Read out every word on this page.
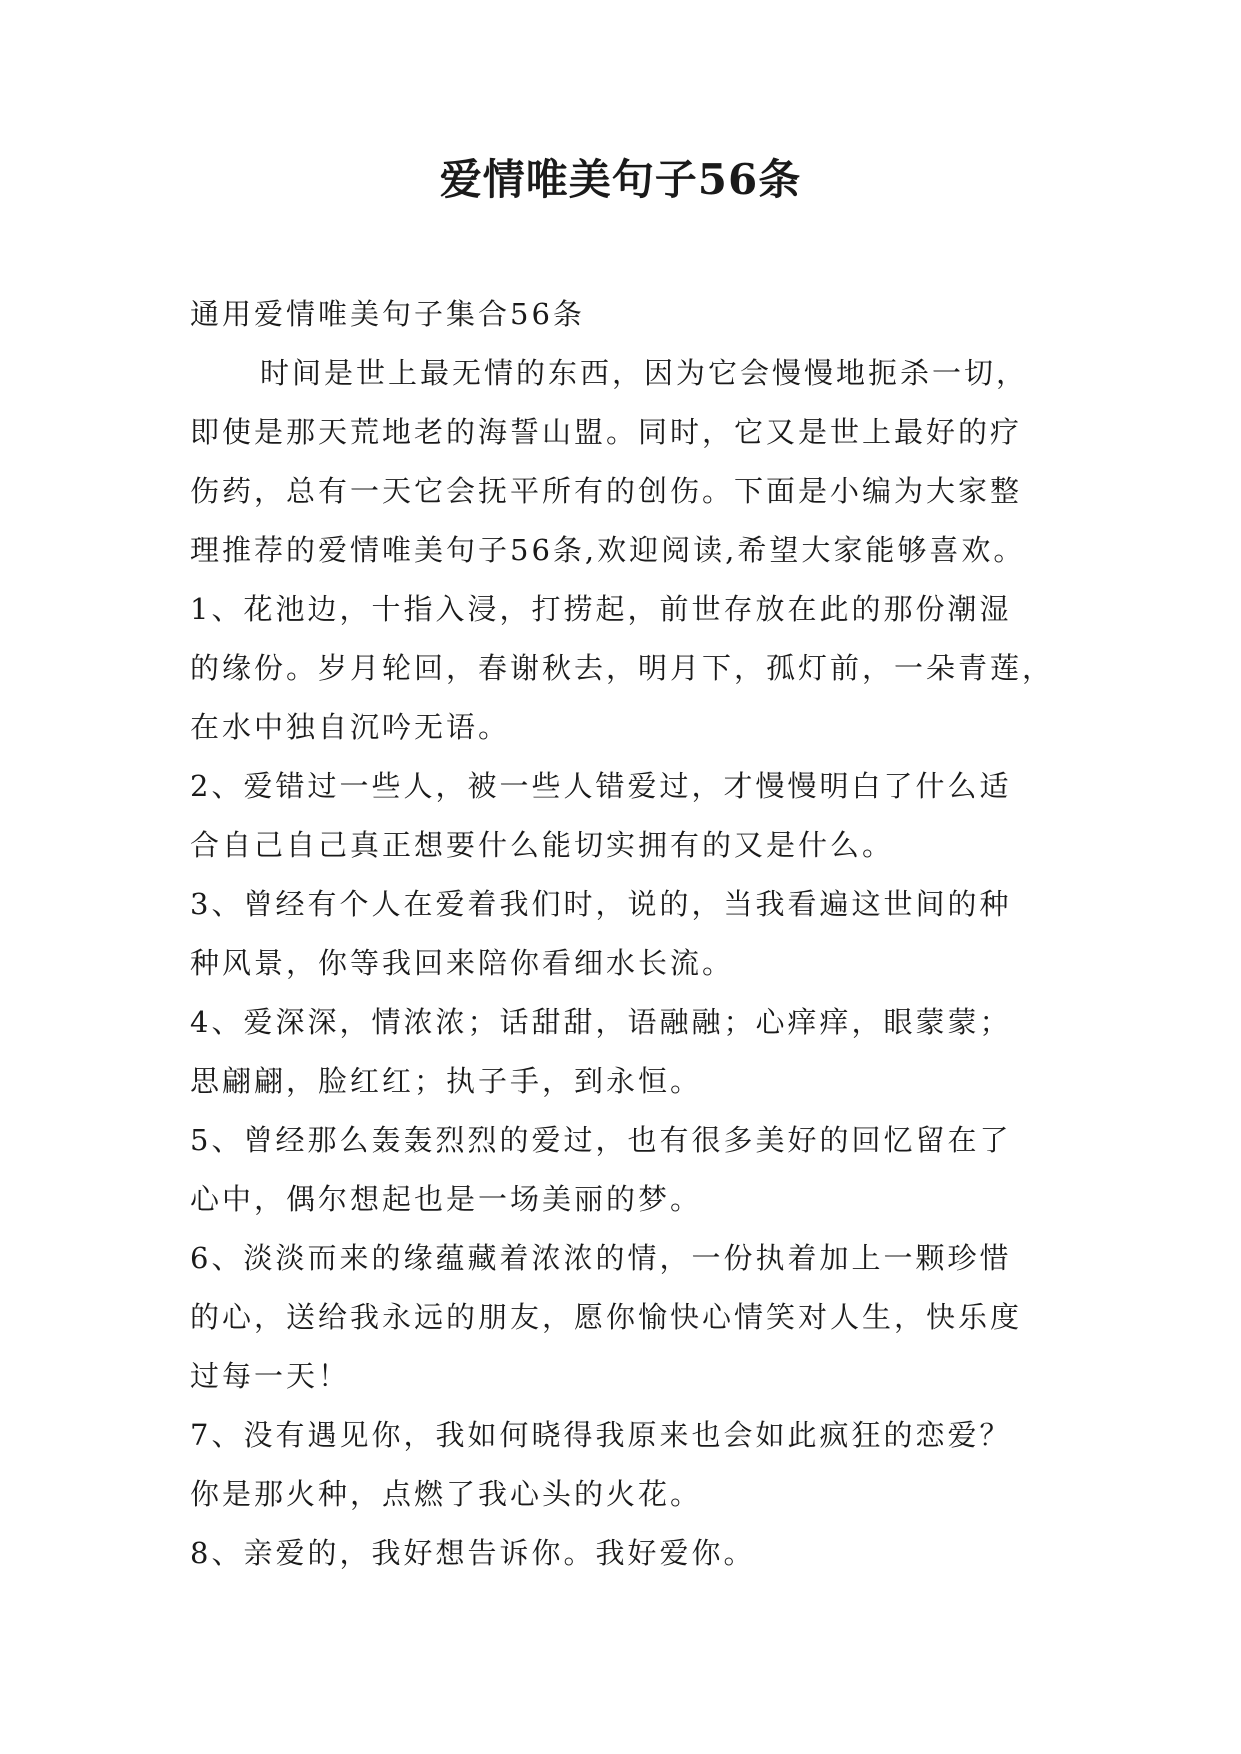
爱情唯美句子56条
通用爱情唯美句子集合56条
时间是世上最无情的东西，因为它会慢慢地扼杀一切，
即使是那天荒地老的海誓山盟。同时，它又是世上最好的疗
伤药，总有一天它会抚平所有的创伤。下面是小编为大家整
理推荐的爱情唯美句子56条,欢迎阅读,希望大家能够喜欢。
1、花池边，十指入浸，打捞起，前世存放在此的那份潮湿
的缘份。岁月轮回，春谢秋去，明月下，孤灯前，一朵青莲，
在水中独自沉吟无语。
2、爱错过一些人，被一些人错爱过，才慢慢明白了什么适
合自己自己真正想要什么能切实拥有的又是什么。
3、曾经有个人在爱着我们时，说的，当我看遍这世间的种
种风景，你等我回来陪你看细水长流。
4、爱深深，情浓浓；话甜甜，语融融；心痒痒，眼蒙蒙；
思翩翩，脸红红；执子手，到永恒。
5、曾经那么轰轰烈烈的爱过，也有很多美好的回忆留在了
心中，偶尔想起也是一场美丽的梦。
6、淡淡而来的缘蕴藏着浓浓的情，一份执着加上一颗珍惜
的心，送给我永远的朋友，愿你愉快心情笑对人生，快乐度
过每一天！
7、没有遇见你，我如何晓得我原来也会如此疯狂的恋爱？
你是那火种，点燃了我心头的火花。
8、亲爱的，我好想告诉你。我好爱你。
